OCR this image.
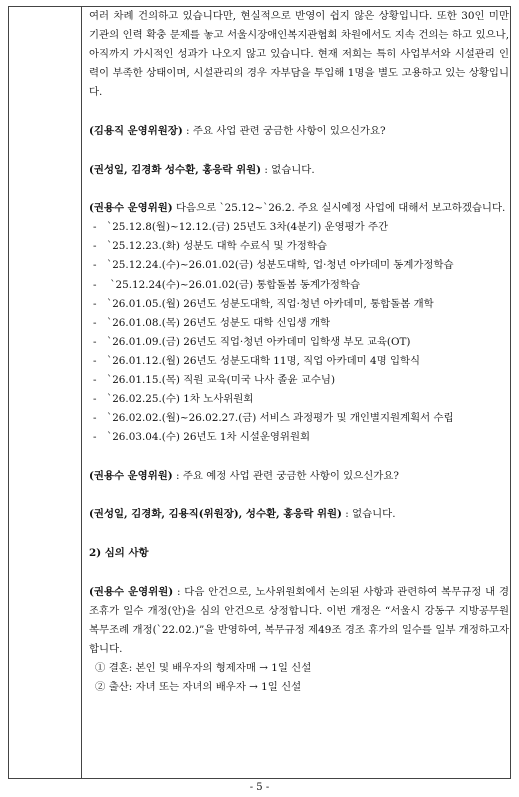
여러 차례 건의하고 있습니다만, 현실적으로 반영이 쉽지 않은 상황입니다. 또한 30인 미만 기관의 인력 확충 문제를 놓고 서울시장애인복지관협회 차원에서도 지속 건의는 하고 있으나, 아직까지 가시적인 성과가 나오지 않고 있습니다. 현재 저희는 특히 사업부서와 시설관리 인력이 부족한 상태이며, 시설관리의 경우 자부담을 투입해 1명을 별도 고용하고 있는 상황입니다.

(김용직 운영위원장) : 주요 사업 관련 궁금한 사항이 있으신가요?

(권성일, 김경화 성수환, 홍응락 위원) : 없습니다.

(권용수 운영위원) 다음으로 `25.12~`26.2. 주요 실시예정 사업에 대해서 보고하겠습니다.

- `25.12.8(월)~12.12.(금) 25년도 3차(4분기) 운영평가 주간

- `25.12.23.(화) 성분도 대학 수료식 및 가정학습

- `25.12.24.(수)~26.01.02(금) 성분도대학, 업·청년 아카데미 동계가정학습

- `25.12.24(수)~26.01.02(금) 통합돌봄 동계가정학습

- `26.01.05.(월) 26년도 성분도대학, 직업·청년 아카데미, 통합돌봄 개학

- `26.01.08.(목) 26년도 성분도 대학 신입생 개학

- `26.01.09.(금) 26년도 직업·청년 아카데미 입학생 부모 교육(OT)

- `26.01.12.(월) 26년도 성분도대학 11명, 직업 아카데미 4명 입학식

- `26.01.15.(목) 직원 교육(미국 나사 졸윤 교수님)

- `26.02.25.(수) 1차 노사위원회

- `26.02.02.(월)~26.02.27.(금) 서비스 과정평가 및 개인별지원계획서 수립

- `26.03.04.(수) 26년도 1차 시설운영위원회

(권용수 운영위원) : 주요 예정 사업 관련 궁금한 사항이 있으신가요?

(권성일, 김경화, 김용직(위원장), 성수환, 홍응락 위원) : 없습니다.

2) 심의 사항

(권용수 운영위원) : 다음 안건으로, 노사위원회에서 논의된 사항과 관련하여 복무규정 내 경조휴가 일수 개정(안)을 심의 안건으로 상정합니다. 이번 개정은 “서울시 강동구 지방공무원 복무조례 개정(`22.02.)”을 반영하여, 복무규정 제49조 경조 휴가의 일수를 일부 개정하고자 합니다.

① 결혼: 본인 및 배우자의 형제자매 → 1일 신설

② 출산: 자녀 또는 자녀의 배우자 → 1일 신설

- 5 -
